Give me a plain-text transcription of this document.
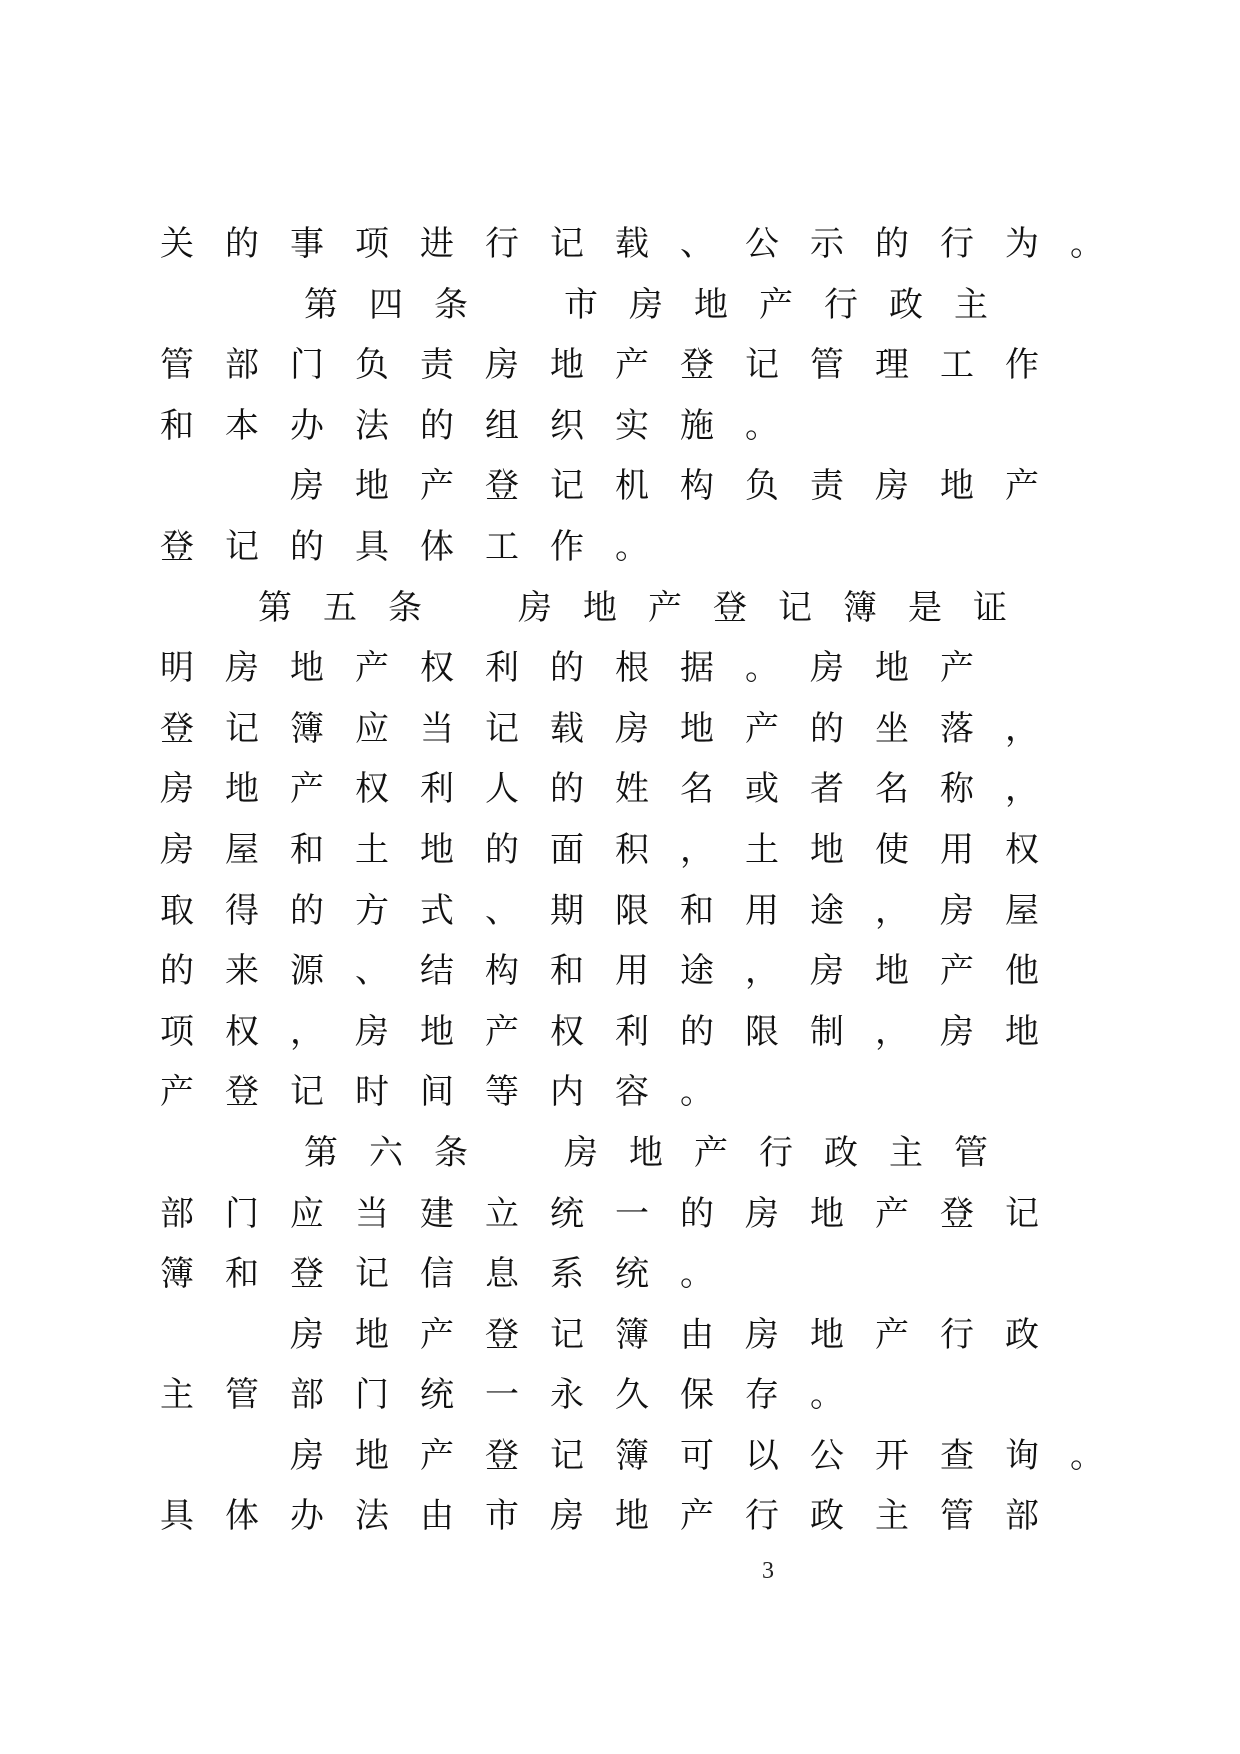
关的事项进行记载、公示的行为。
第四条　市房地产行政主
管部门负责房地产登记管理工作
和本办法的组织实施。
房地产登记机构负责房地产
登记的具体工作。
第五条　房地产登记簿是证
明房地产权利的根据。房地产
登记簿应当记载房地产的坐落，
房地产权利人的姓名或者名称，
房屋和土地的面积，土地使用权
取得的方式、期限和用途，房屋
的来源、结构和用途，房地产他
项权，房地产权利的限制，房地
产登记时间等内容。
第六条　房地产行政主管
部门应当建立统一的房地产登记
簿和登记信息系统。
房地产登记簿由房地产行政
主管部门统一永久保存。
房地产登记簿可以公开查询。
具体办法由市房地产行政主管部
3
